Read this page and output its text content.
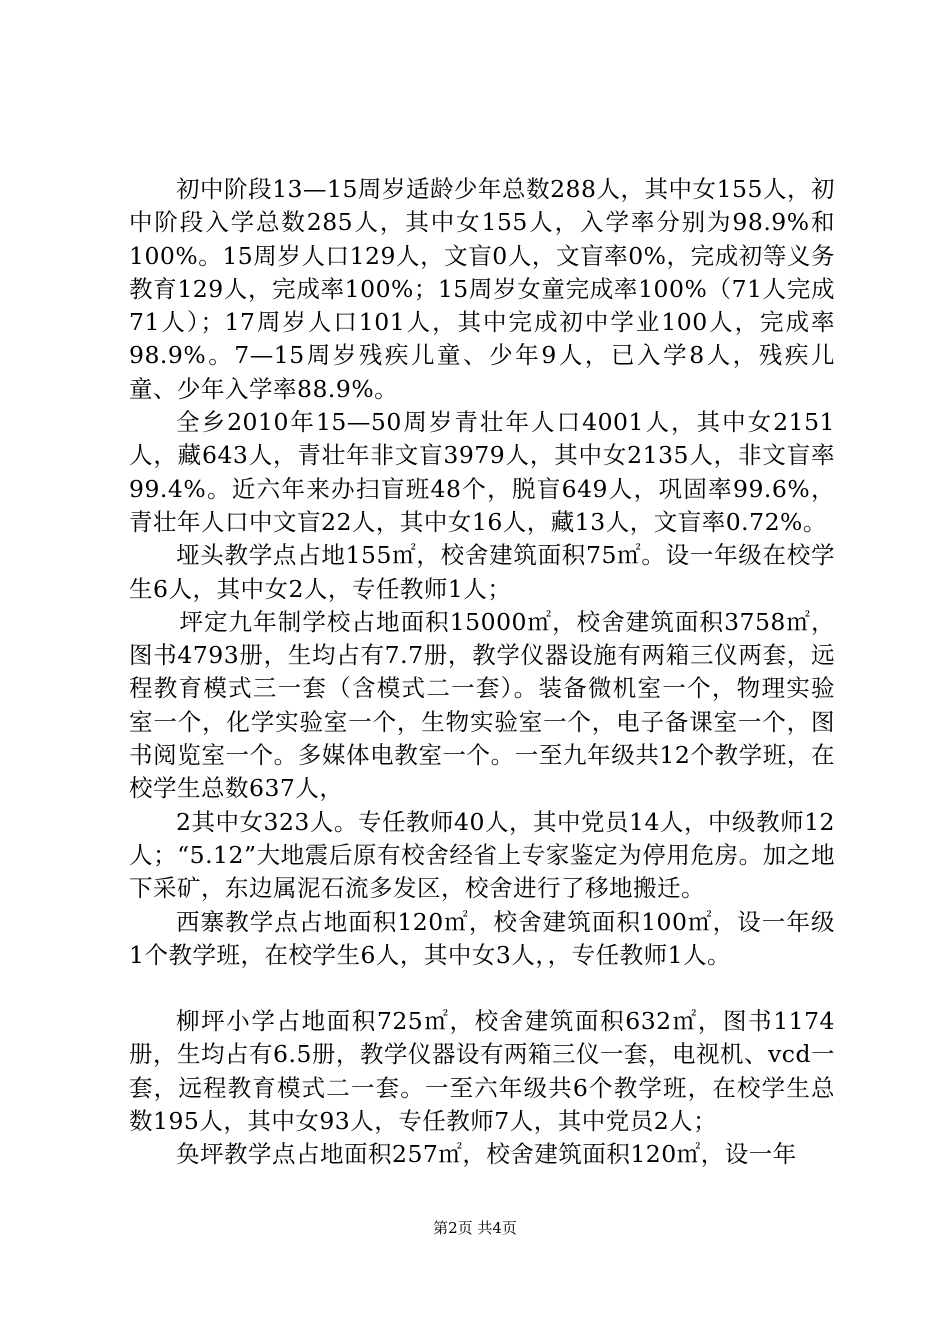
初中阶段13—15周岁适龄少年总数288人，其中女155人，初中阶段入学总数285人，其中女155人，入学率分别为98.9%和100%。15周岁人口129人，文盲0人，文盲率0%，完成初等义务教育129人，完成率100%；15周岁女童完成率100%（71人完成71人）；17周岁人口101人，其中完成初中学业100人，完成率98.9%。7—15周岁残疾儿童、少年9人，已入学8人，残疾儿童、少年入学率88.9%。

全乡2010年15—50周岁青壮年人口4001人，其中女2151人，藏643人，青壮年非文盲3979人，其中女2135人，非文盲率99.4%。近六年来办扫盲班48个，脱盲649人，巩固率99.6%，青壮年人口中文盲22人，其中女16人，藏13人，文盲率0.72%。

垭头教学点占地155㎡，校舍建筑面积75㎡。设一年级在校学生6人，其中女2人，专任教师1人；

坪定九年制学校占地面积15000㎡，校舍建筑面积3758㎡，图书4793册，生均占有7.7册，教学仪器设施有两箱三仪两套，远程教育模式三一套（含模式二一套）。装备微机室一个，物理实验室一个，化学实验室一个，生物实验室一个，电子备课室一个，图书阅览室一个。多媒体电教室一个。一至九年级共12个教学班，在校学生总数637人，

2其中女323人。专任教师40人，其中党员14人，中级教师12人；“5.12”大地震后原有校舍经省上专家鉴定为停用危房。加之地下采矿，东边属泥石流多发区，校舍进行了移地搬迁。

西寨教学点占地面积120㎡，校舍建筑面积100㎡，设一年级1个教学班，在校学生6人，其中女3人，，专任教师1人。

柳坪小学占地面积725㎡，校舍建筑面积632㎡，图书1174册，生均占有6.5册，教学仪器设有两箱三仪一套，电视机、vcd一套，远程教育模式二一套。一至六年级共6个教学班，在校学生总数195人，其中女93人，专任教师7人，其中党员2人；

奂坪教学点占地面积257㎡，校舍建筑面积120㎡，设一年

第2页 共4页
